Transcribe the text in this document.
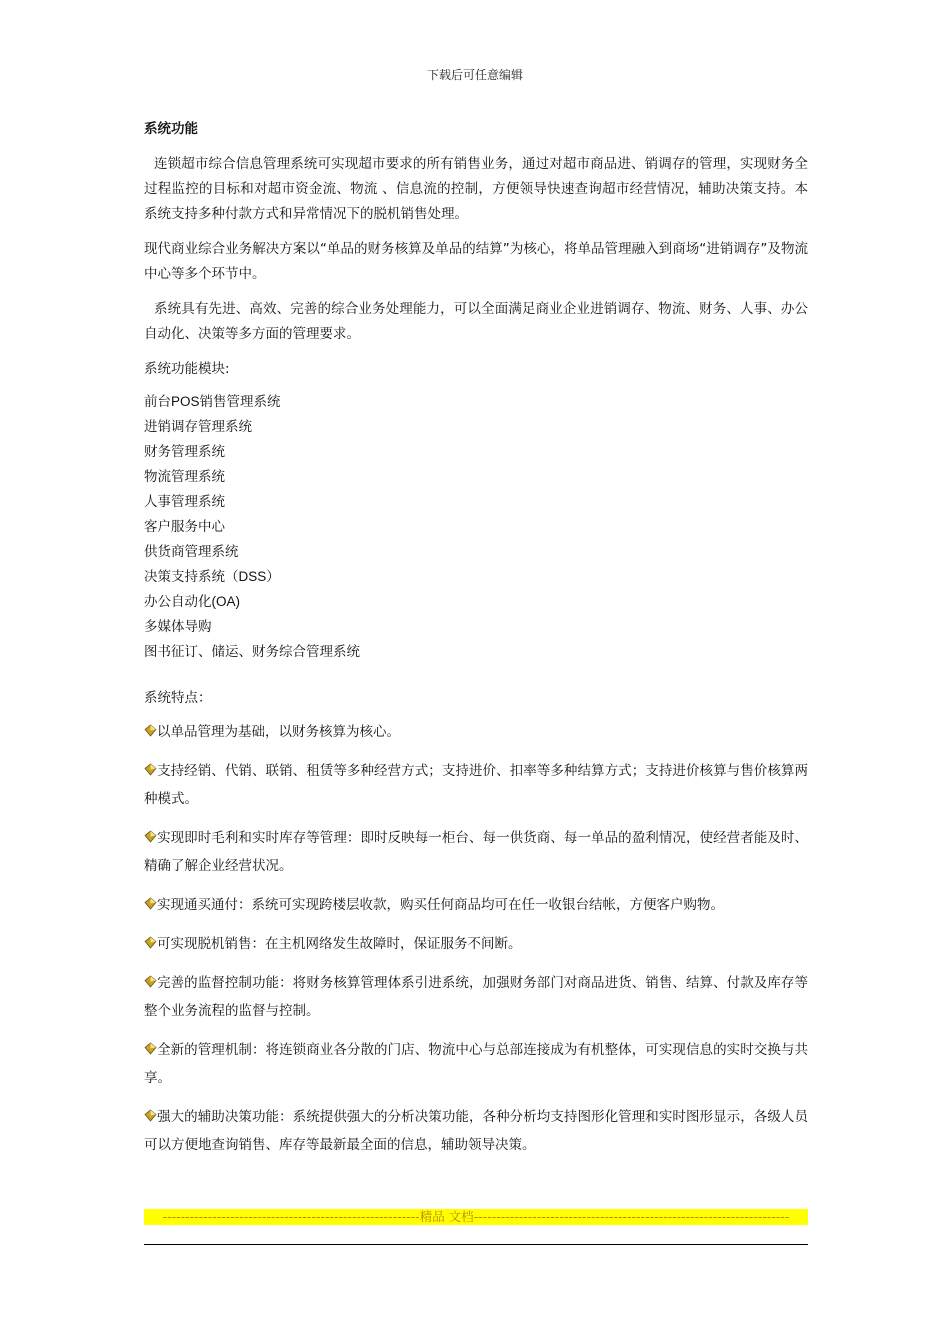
下载后可任意编辑
系统功能

连锁超市综合信息管理系统可实现超市要求的所有销售业务，通过对超市商品进、销调存的管理，实现财务全过程监控的目标和对超市资金流、物流 、信息流的控制，方便领导快速查询超市经营情况，辅助决策支持。本系统支持多种付款方式和异常情况下的脱机销售处理。

现代商业综合业务解决方案以“单品的财务核算及单品的结算”为核心，将单品管理融入到商场“进销调存”及物流中心等多个环节中。

系统具有先进、高效、完善的综合业务处理能力，可以全面满足商业企业进销调存、物流、财务、人事、办公自动化、决策等多方面的管理要求。

系统功能模块:
前台POS销售管理系统
进销调存管理系统
财务管理系统
物流管理系统
人事管理系统
客户服务中心
供货商管理系统
决策支持系统（DSS）
办公自动化(OA)
多媒体导购
图书征订、储运、财务综合管理系统
系统特点：
以单品管理为基础，以财务核算为核心。
支持经销、代销、联销、租赁等多种经营方式；支持进价、扣率等多种结算方式；支持进价核算与售价核算两种模式。
实现即时毛利和实时库存等管理：即时反映每一柜台、每一供货商、每一单品的盈利情况，使经营者能及时、精确了解企业经营状况。
实现通买通付：系统可实现跨楼层收款，购买任何商品均可在任一收银台结帐，方便客户购物。
可实现脱机销售：在主机网络发生故障时，保证服务不间断。
完善的监督控制功能：将财务核算管理体系引进系统，加强财务部门对商品进货、销售、结算、付款及库存等整个业务流程的监督与控制。
全新的管理机制：将连锁商业各分散的门店、物流中心与总部连接成为有机整体，可实现信息的实时交换与共享。
强大的辅助决策功能：系统提供强大的分析决策功能，各种分析均支持图形化管理和实时图形显示，各级人员可以方便地查询销售、库存等最新最全面的信息，辅助领导决策。
---------------------------------------------------------精品 文档----------------------------------------------------------------------
